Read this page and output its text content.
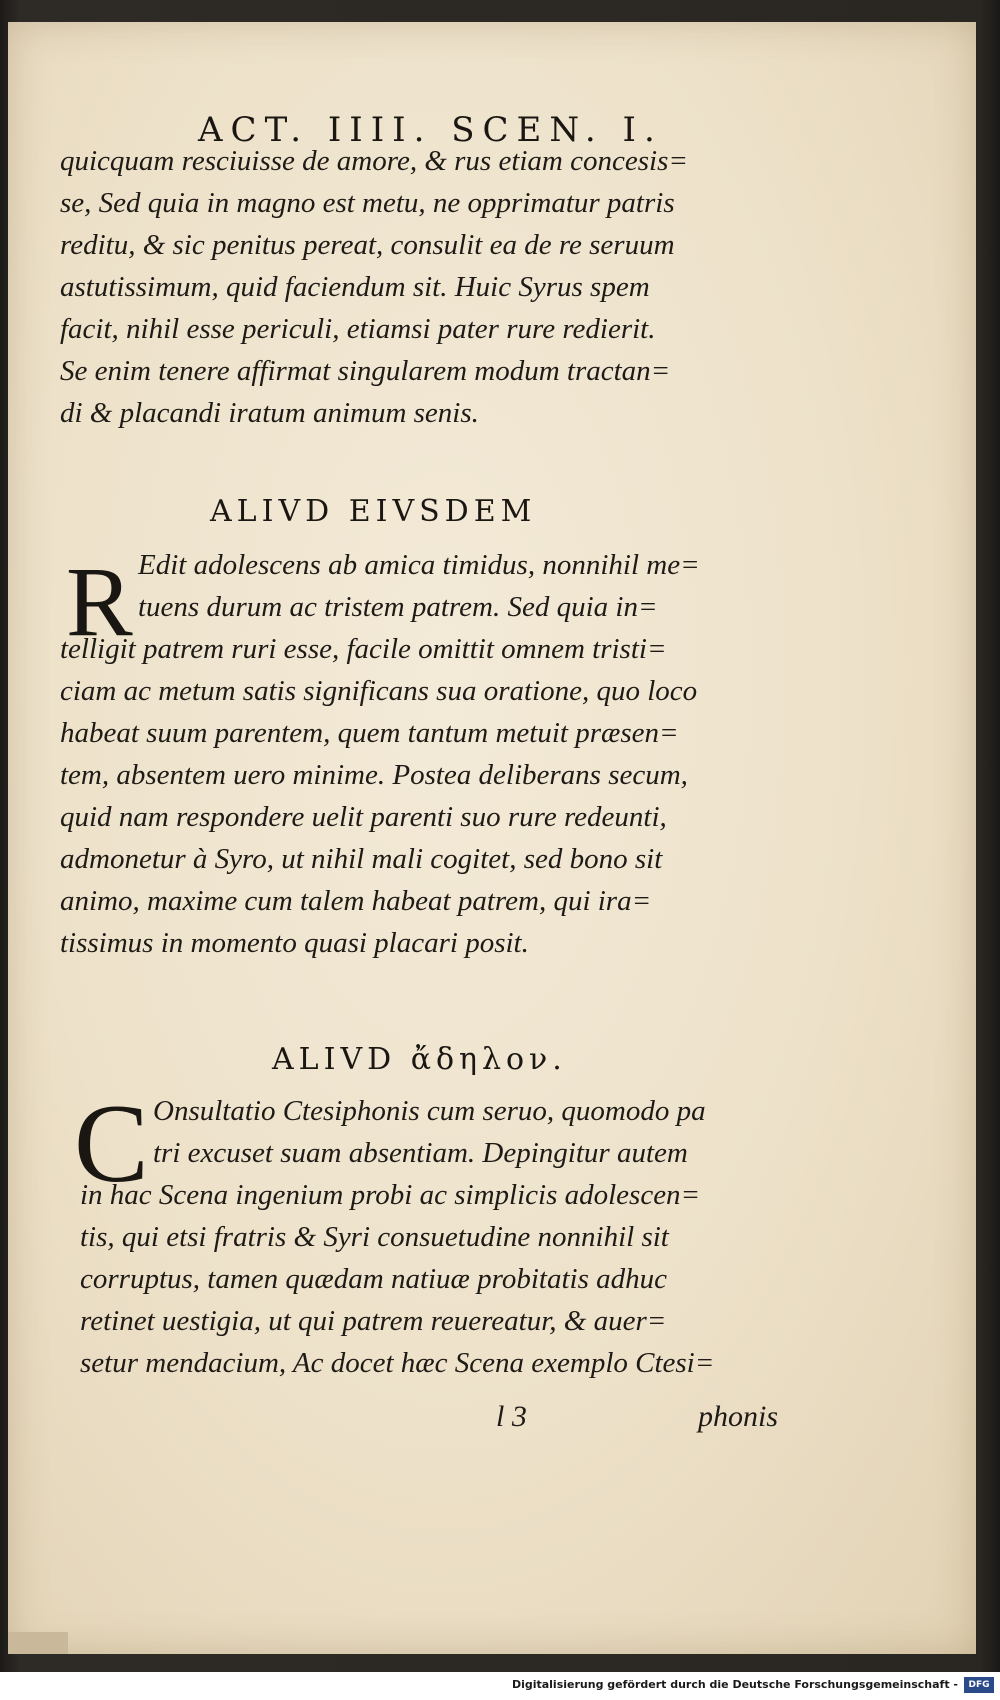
ACT. IIII. SCEN. I.
quicquam resciuisse de amore, & rus etiam concesis=
se, Sed quia in magno est metu, ne opprimatur patris
reditu, & sic penitus pereat, consulit ea de re seruum
astutissimum, quid faciendum sit. Huic Syrus spem
facit, nihil esse periculi, etiamsi pater rure redierit.
Se enim tenere affirmat singularem modum tractan=
di & placandi iratum animum senis.
ALIVD EIVSDEM
R Edit adolescens ab amica timidus, nonnihil me=
tuens durum ac tristem patrem. Sed quia in=
telligit patrem ruri esse, facile omittit omnem tristi=
ciam ac metum satis significans sua oratione, quo loco
habeat suum parentem, quem tantum metuit præsen=
tem, absentem uero minime. Postea deliberans secum,
quid nam respondere uelit parenti suo rure redeunti,
admonetur à Syro, ut nihil mali cogitet, sed bono sit
animo, maxime cum talem habeat patrem, qui ira=
tissimus in momento quasi placari posit.
ALIVD ἄδηλον.
C Onsultatio Ctesiphonis cum seruo, quomodo pa
tri excuset suam absentiam. Depingitur autem
in hac Scena ingenium probi ac simplicis adolescen=
tis, qui etsi fratris & Syri consuetudine nonnihil sit
corruptus, tamen quædam natiuæ probitatis adhuc
retinet uestigia, ut qui patrem reuereatur, & auer=
setur mendacium, Ac docet hæc Scena exemplo Ctesi=
l 3	phonis
Digitalisierung gefördert durch die Deutsche Forschungsgemeinschaft -	DFG
